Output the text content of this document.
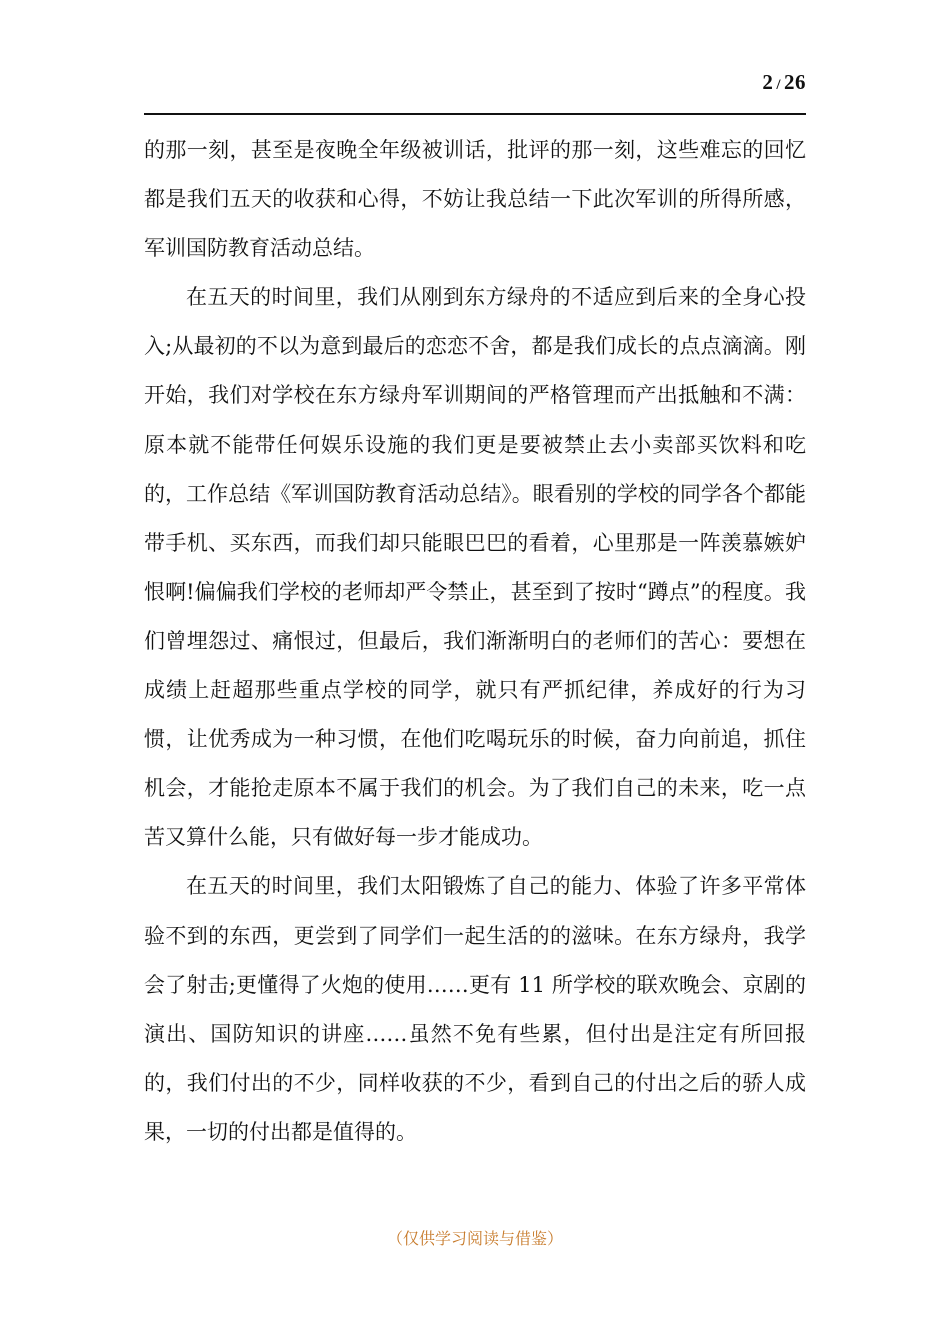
2 / 26

的那一刻，甚至是夜晚全年级被训话，批评的那一刻，这些难忘的回忆都是我们五天的收获和心得，不妨让我总结一下此次军训的所得所感，军训国防教育活动总结。

在五天的时间里，我们从刚到东方绿舟的不适应到后来的全身心投入;从最初的不以为意到最后的恋恋不舍，都是我们成长的点点滴滴。刚开始，我们对学校在东方绿舟军训期间的严格管理而产出抵触和不满：原本就不能带任何娱乐设施的我们更是要被禁止去小卖部买饮料和吃的，工作总结《军训国防教育活动总结》。眼看别的学校的同学各个都能带手机、买东西，而我们却只能眼巴巴的看着，心里那是一阵羡慕嫉妒恨啊!偏偏我们学校的老师却严令禁止，甚至到了按时“蹲点”的程度。我们曾埋怨过、痛恨过，但最后，我们渐渐明白的老师们的苦心：要想在成绩上赶超那些重点学校的同学，就只有严抓纪律，养成好的行为习惯，让优秀成为一种习惯，在他们吃喝玩乐的时候，奋力向前追，抓住机会，才能抢走原本不属于我们的机会。为了我们自己的未来，吃一点苦又算什么能，只有做好每一步才能成功。

在五天的时间里，我们太阳锻炼了自己的能力、体验了许多平常体验不到的东西，更尝到了同学们一起生活的的滋味。在东方绿舟，我学会了射击;更懂得了火炮的使用……更有 11 所学校的联欢晚会、京剧的演出、国防知识的讲座……虽然不免有些累，但付出是注定有所回报的，我们付出的不少，同样收获的不少，看到自己的付出之后的骄人成果，一切的付出都是值得的。

（仅供学习阅读与借鉴）
